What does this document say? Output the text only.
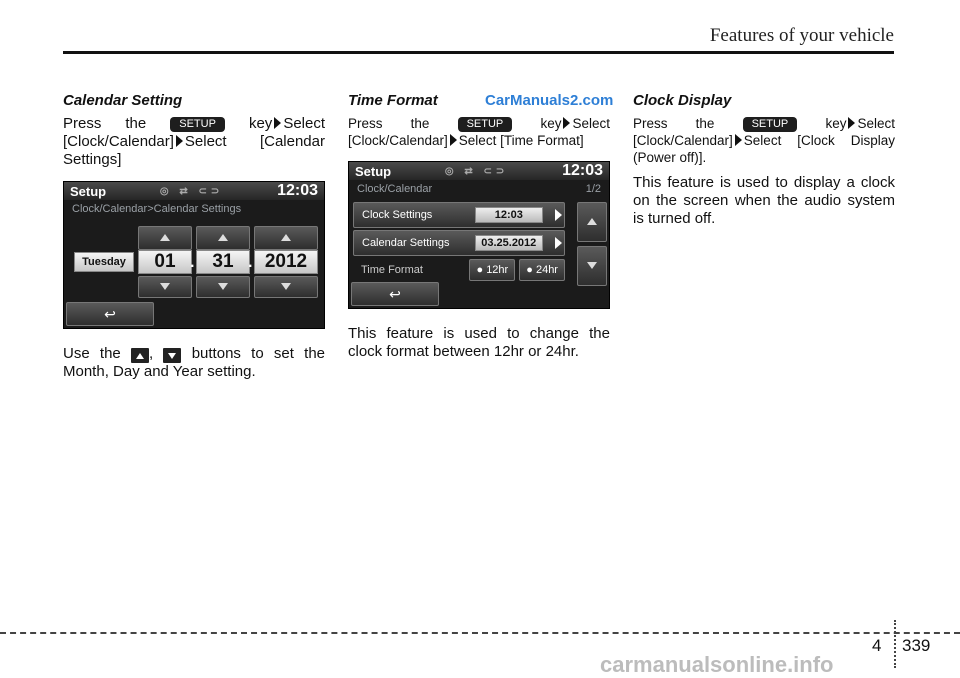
Features of your vehicle
CarManuals2.com
Calendar Setting
Press the	SETUP key Select [Clock/Calendar] Select [Calendar Settings]
Setup	◎ ⇄ ⊂⊃	12:03
Clock/Calendar>Calendar Settings
Tuesday	01 . 31 . 2012
↩
Use the ,	buttons to set the Month, Day and Year setting.
Time Format
Press the	SETUP	key Select [Clock/Calendar] Select [Time Format]
Setup	◎ ⇄ ⊂⊃	12:03
Clock/Calendar	1/2
Clock Settings	12:03
Calendar Settings	03.25.2012
Time Format	● 12hr	● 24hr
↩
This feature is used to change the clock format between 12hr or 24hr.
Clock Display
Press the	SETUP	key Select [Clock/Calendar] Select [Clock Display (Power off)].
This feature is used to display a clock on the screen when the audio system is turned off.
4 339
carmanualsonline.info
